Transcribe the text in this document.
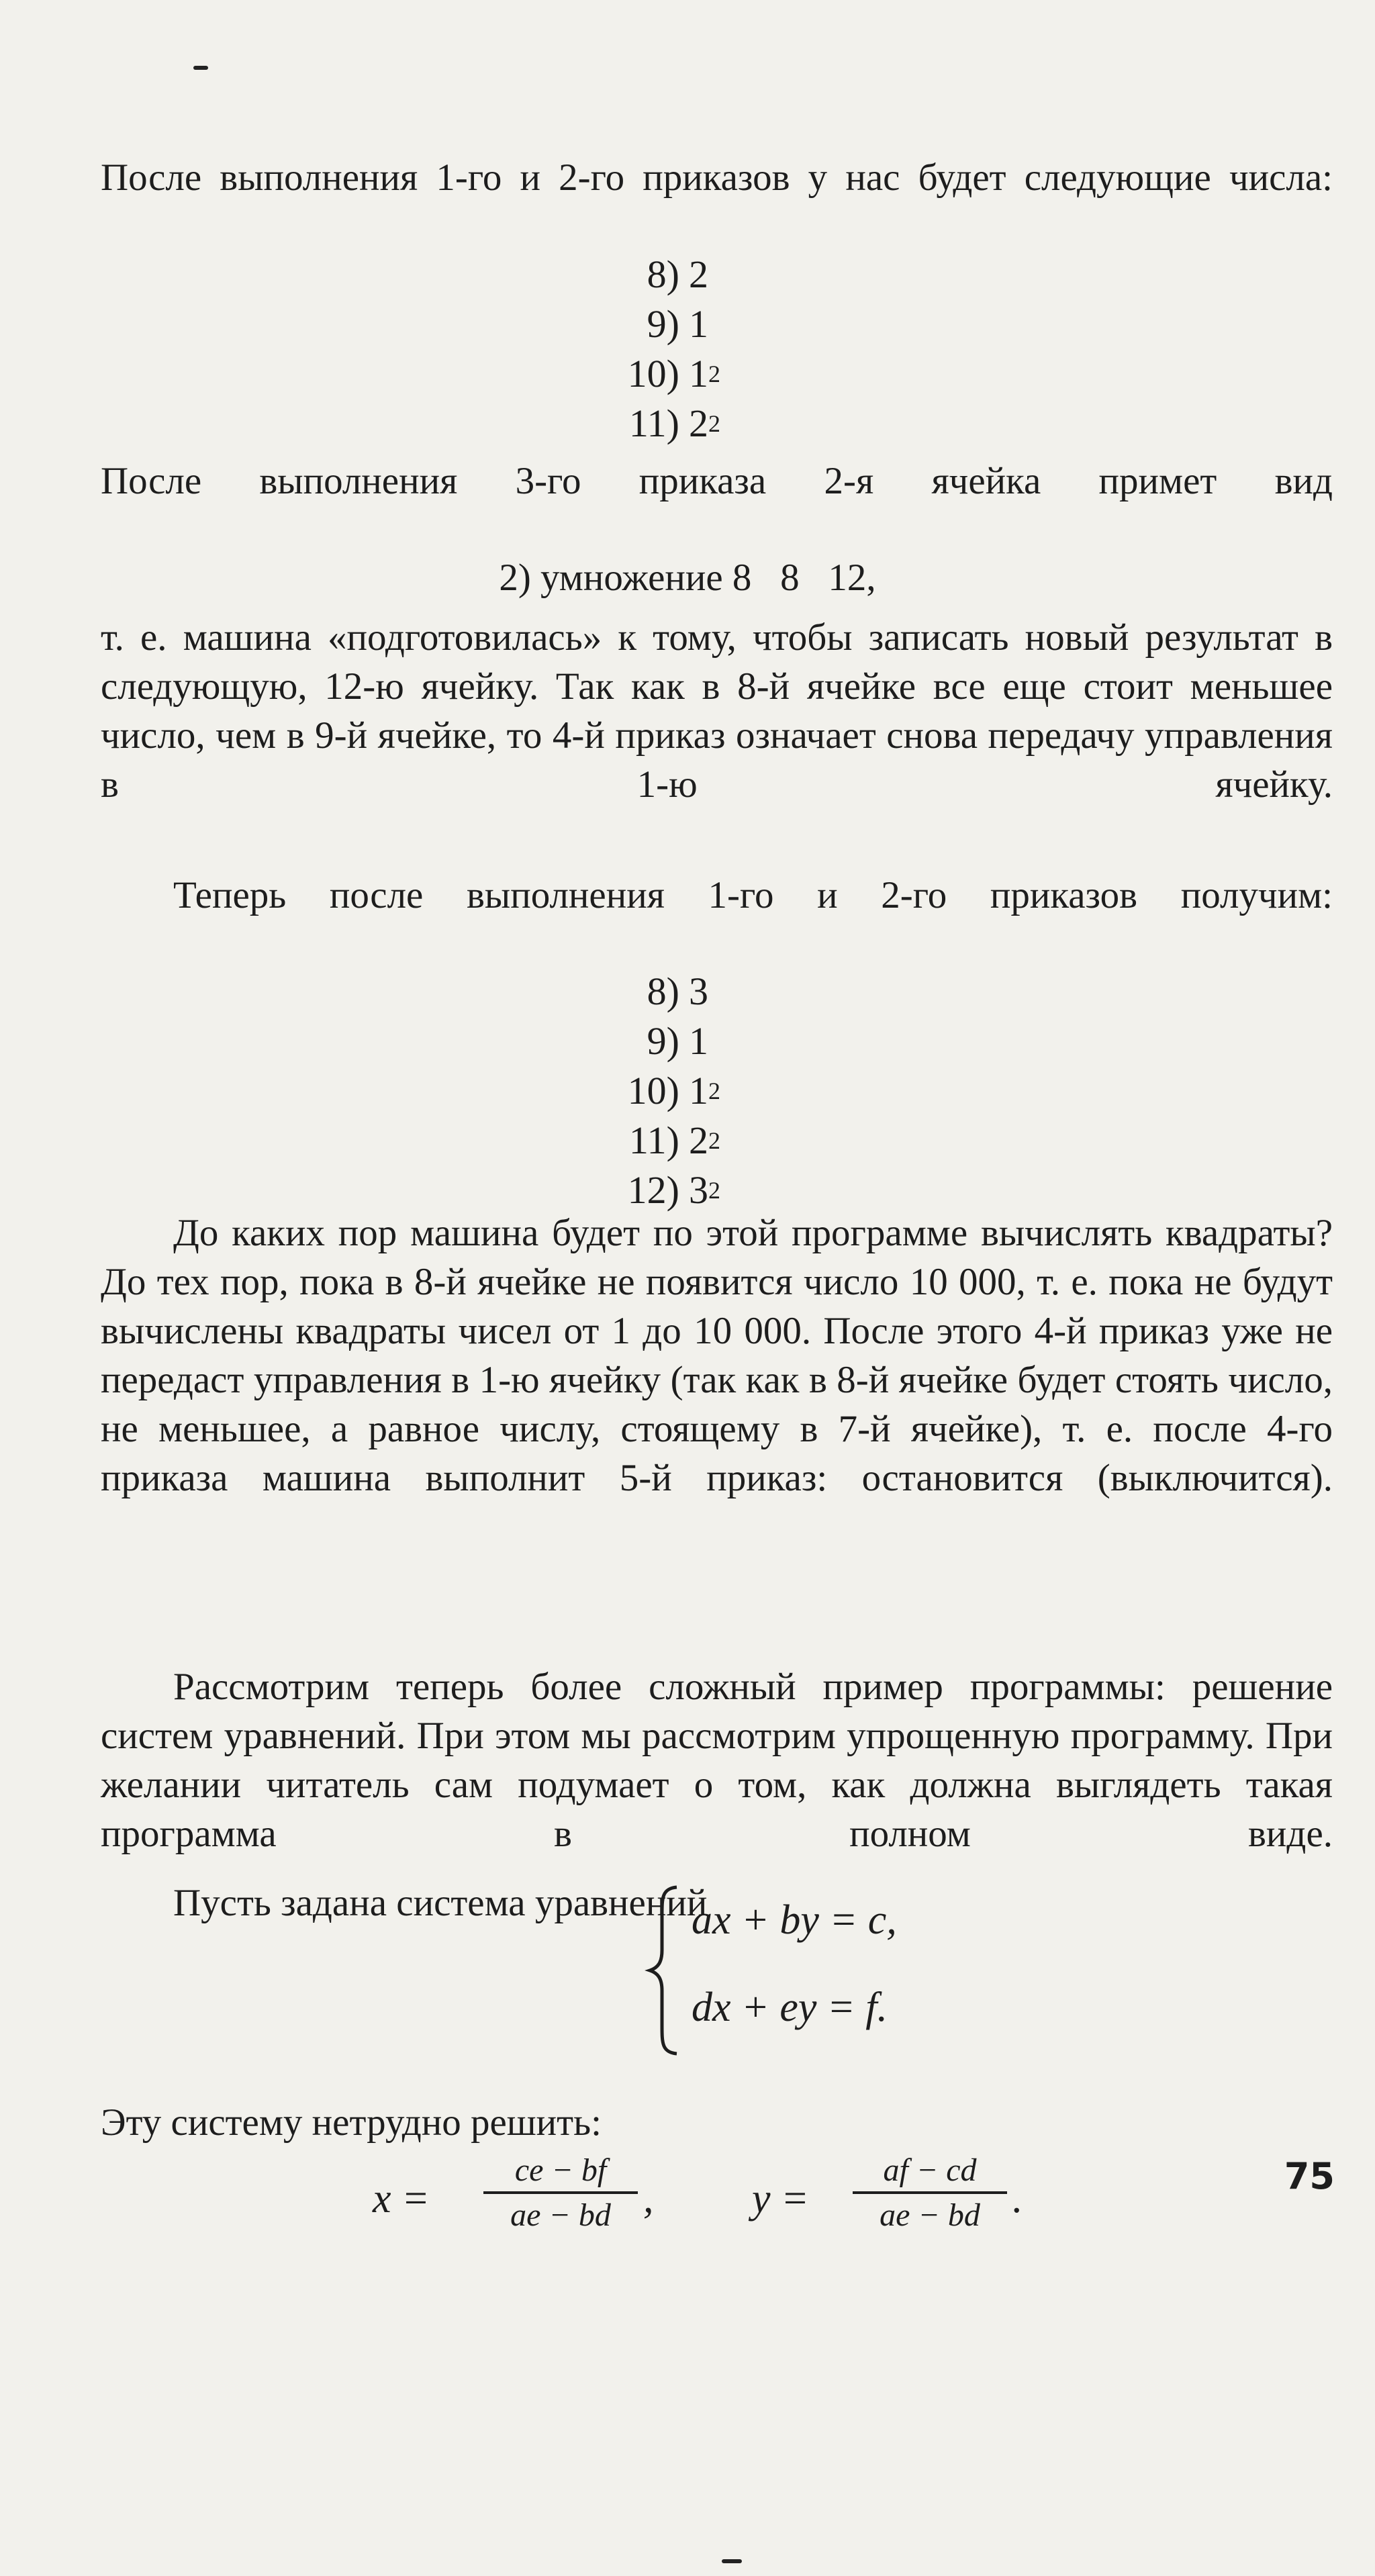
После выполнения 1-го и 2-го приказов у нас будет следующие числа:

8) 2
9) 1
10) 1 2
11) 2 2

После выполнения 3-го приказа 2-я ячейка примет вид

2) умножение 8   8   12,

т. е. машина «подготовилась» к тому, чтобы записать новый результат в следующую, 12-ю ячейку. Так как в 8-й ячейке все еще стоит меньшее число, чем в 9-й ячейке, то 4-й приказ означает снова передачу управления в 1-ю ячейку.

Теперь после выполнения 1-го и 2-го приказов получим:

8) 3
9) 1
10) 1 2
11) 2 2
12) 3 2

До каких пор машина будет по этой программе вычислять квадраты? До тех пор, пока в 8-й ячейке не появится число 10 000, т. е. пока не будут вычислены квадраты чисел от 1 до 10 000. После этого 4-й приказ уже не передаст управления в 1-ю ячейку (так как в 8-й ячейке будет стоять число, не меньшее, а равное числу, стоящему в 7-й ячейке), т. е. после 4-го приказа машина выполнит 5-й приказ: остановится (выключится).

Рассмотрим теперь более сложный пример программы: решение систем уравнений. При этом мы рассмотрим упрощенную программу. При желании читатель сам подумает о том, как должна выглядеть такая программа в полном виде.

Пусть задана система уравнений

ax + by = c,
dx + ey = f.

Эту систему нетрудно решить:

$x = \frac{ce - bf}{ae - bd}$ , $y = \frac{af - cd}{ae - bd}$ .	75
